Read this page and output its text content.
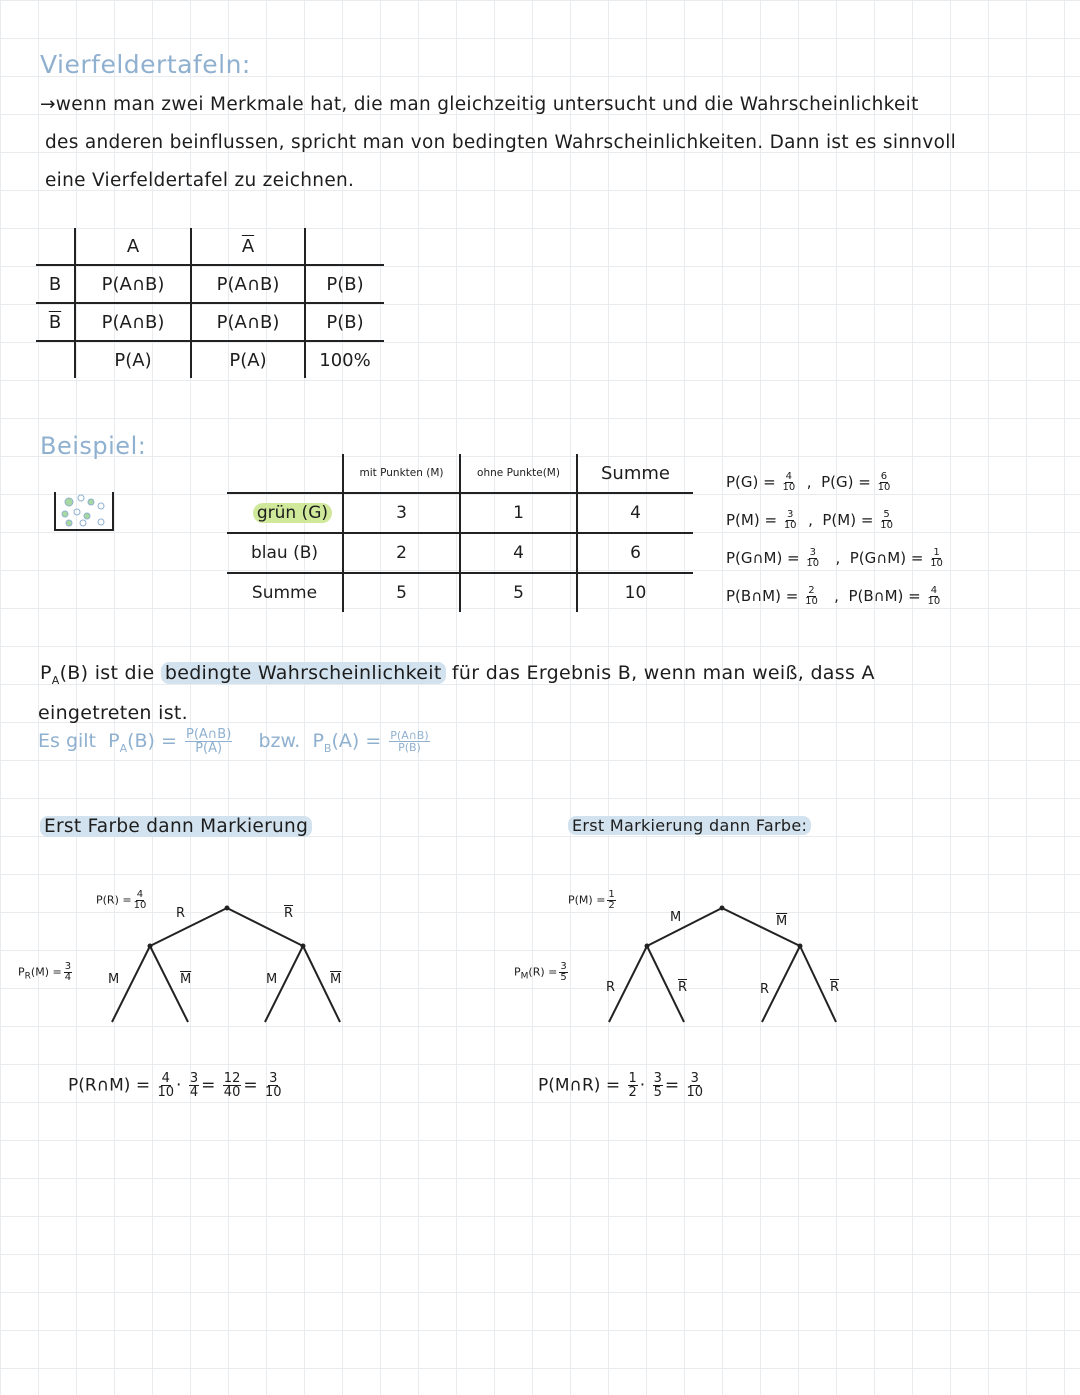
Vierfeldertafeln:
→wenn man zwei Merkmale hat, die man gleichzeitig untersucht und die Wahrscheinlichkeit
des anderen beinflussen, spricht man von bedingten Wahrscheinlichkeiten. Dann ist es sinnvoll
eine Vierfeldertafel zu zeichnen.
	A	$\overline{A}$	
B	P(A∩B)	P(A∩B)	P(B)
$\overline{B}$	P(A∩B)	P(A∩B)	P(B)
	P(A)	P(A)	100%
Beispiel:
	mit Punkten (M)	ohne Punkte(M)	Summe
grün (G)	3	1	4
blau (B)	2	4	6
Summe	5	5	10
$P(G) = \frac{4}{10}$ ,  $P(G) = \frac{6}{10}$
$P(M) = \frac{3}{10}$ ,  $P(M) = \frac{5}{10}$
P(G∩M) = $\frac{3}{10}$ ,  P(G∩M) = $\frac{1}{10}$
P(B∩M) = $\frac{2}{10}$ ,  P(B∩M) = $\frac{4}{10}$
$P_A(B)$ ist die bedingte Wahrscheinlichkeit für das Ergebnis B, wenn man weiß, dass A
eingetreten ist.
Es gilt $P_A(B) = \frac{P(A\cap B)}{P(A)}$ bzw. $P_B(A) = \frac{P(A\cap B)}{P(B)}$
Erst Farbe dann Markierung	Erst Markierung dann Farbe:
$P(R) = \frac{4}{10}$
R	$\overline{R}$
$P_R(M) = \frac{3}{4}$	M	$\overline{M}$	M	$\overline{M}$
P(R∩M) = $\frac{4}{10} \cdot \frac{3}{4} = \frac{12}{40} = \frac{3}{10}$
$P(M) = \frac{1}{2}$
M	$\overline{M}$
$P_M(R) = \frac{3}{5}$
R	$\overline{R}$	R	$\overline{R}$
P(M∩R) = $\frac{1}{2} \cdot \frac{3}{5} = \frac{3}{10}$
